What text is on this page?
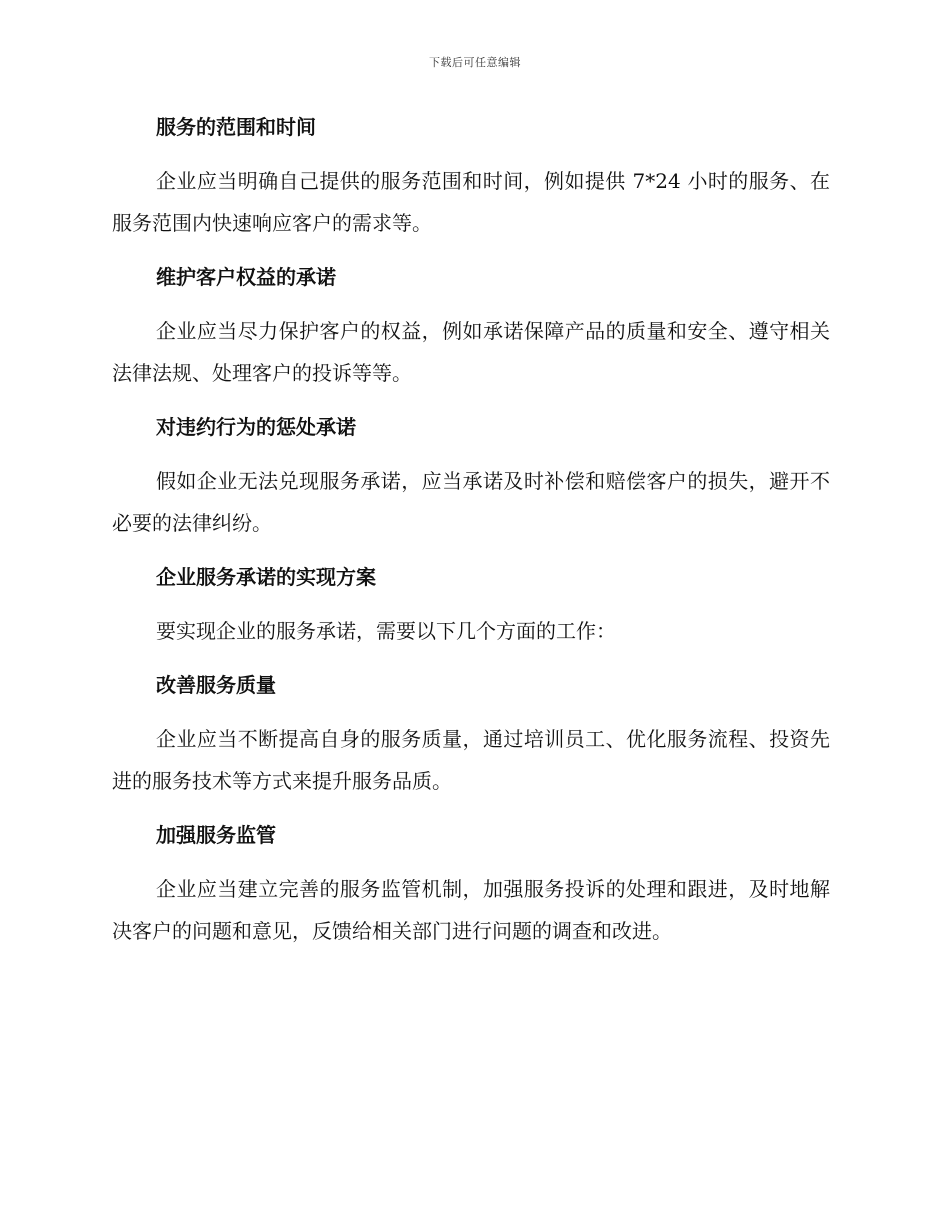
下载后可任意编辑
服务的范围和时间
企业应当明确自己提供的服务范围和时间，例如提供 7*24 小时的服务、在服务范围内快速响应客户的需求等。
维护客户权益的承诺
企业应当尽力保护客户的权益，例如承诺保障产品的质量和安全、遵守相关法律法规、处理客户的投诉等等。
对违约行为的惩处承诺
假如企业无法兑现服务承诺，应当承诺及时补偿和赔偿客户的损失，避开不必要的法律纠纷。
企业服务承诺的实现方案
要实现企业的服务承诺，需要以下几个方面的工作：
改善服务质量
企业应当不断提高自身的服务质量，通过培训员工、优化服务流程、投资先进的服务技术等方式来提升服务品质。
加强服务监管
企业应当建立完善的服务监管机制，加强服务投诉的处理和跟进，及时地解决客户的问题和意见，反馈给相关部门进行问题的调查和改进。
